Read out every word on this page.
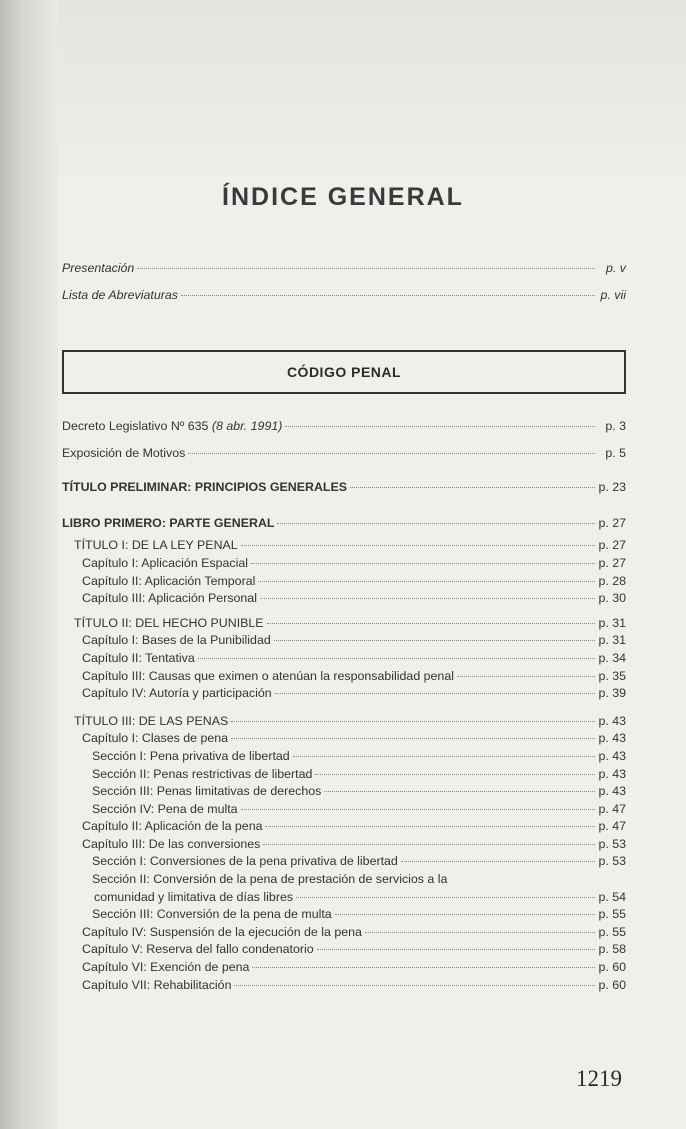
ÍNDICE GENERAL
Presentación	p. v
Lista de Abreviaturas	p. vii
CÓDIGO PENAL
Decreto Legislativo Nº 635 (8 abr. 1991)	p. 3
Exposición de Motivos	p. 5
TÍTULO PRELIMINAR: PRINCIPIOS GENERALES	p. 23
LIBRO PRIMERO: PARTE GENERAL	p. 27
TÍTULO I: DE LA LEY PENAL	p. 27
Capítulo I: Aplicación Espacial	p. 27
Capítulo II: Aplicación Temporal	p. 28
Capítulo III: Aplicación Personal	p. 30
TÍTULO II: DEL HECHO PUNIBLE	p. 31
Capítulo I: Bases de la Punibilidad	p. 31
Capítulo II: Tentativa	p. 34
Capítulo III: Causas que eximen o atenúan la responsabilidad penal	p. 35
Capítulo IV: Autoría y participación	p. 39
TÍTULO III: DE LAS PENAS	p. 43
Capítulo I: Clases de pena	p. 43
Sección I: Pena privativa de libertad	p. 43
Sección II: Penas restrictivas de libertad	p. 43
Sección III: Penas limitativas de derechos	p. 43
Sección IV: Pena de multa	p. 47
Capítulo II: Aplicación de la pena	p. 47
Capítulo III: De las conversiones	p. 53
Sección I: Conversiones de la pena privativa de libertad	p. 53
Sección II: Conversión de la pena de prestación de servicios a la
comunidad y limitativa de días libres	p. 54
Sección III: Conversión de la pena de multa	p. 55
Capítulo IV: Suspensión de la ejecución de la pena	p. 55
Capítulo V: Reserva del fallo condenatorio	p. 58
Capítulo VI: Exención de pena	p. 60
Capítulo VII: Rehabilitación	p. 60
1219
